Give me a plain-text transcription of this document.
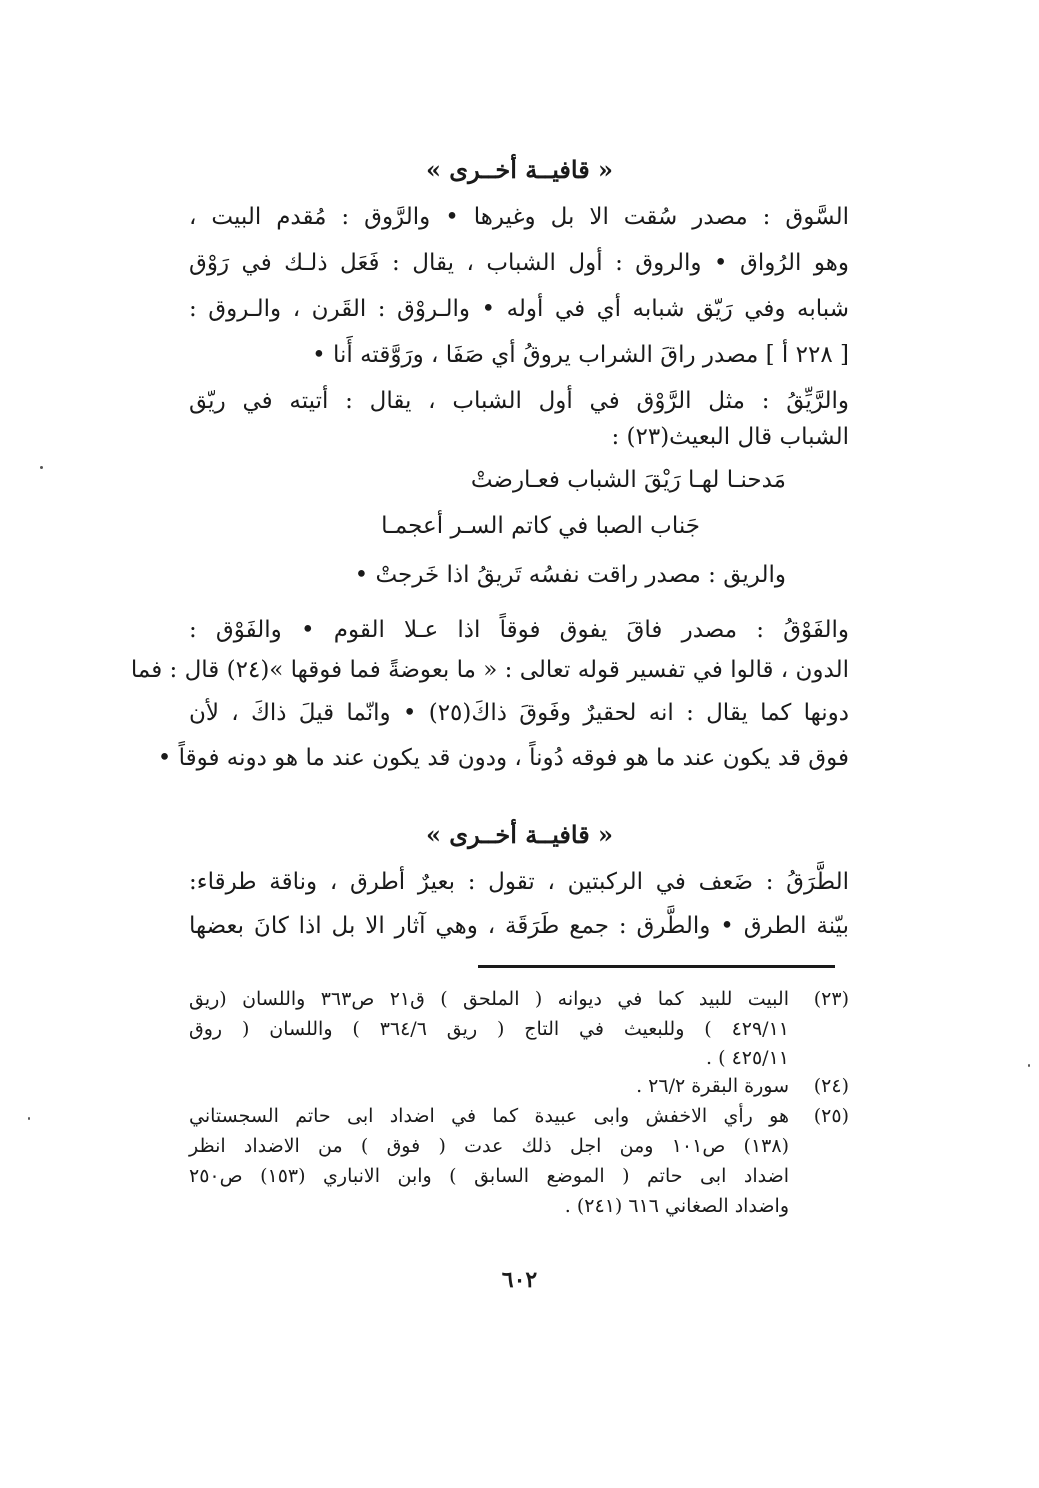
« قافيــة أخــرى »
السَّوق : مصدر سُقت الا بل وغيرها • والرَّوق : مُقدم البيت ،
وهو الرُواق • والروق : أول الشباب ، يقال : فَعَل ذلـك في رَوْق
شبابه وفي رَيّق شبابه أي في أوله • والـروْق : القَرن ، والـروق :
[ ٢٢٨ أ ] مصدر راقَ الشراب يروقُ أي صَفَا ، ورَوَّقته أَنا •
والرَّيِّقُ : مثل الرَّوْق في أول الشباب ، يقال : أتيته في ريّق
الشباب قال البعيث(٢٣) :
مَدحنـا لهـا رَيْقَ الشباب فعـارضتْ
جَناب الصبا في كاتم السـر أعجمـا
والريق : مصدر راقت نفسُه تَريقُ اذا خَرجتْ •
والفَوْقُ : مصدر فاقَ يفوق فوقاً اذا عـلا القوم • والفَوْق :
الدون ، قالوا في تفسير قوله تعالى : « ما بعوضةً فما فوقها »(٢٤) قال : فما
دونها كما يقال : انه لحقيرٌ وفَوقَ ذاكَ(٢٥) • وانّما قيلَ ذاكَ ، لأن
فوق قد يكون عند ما هو فوقه دُوناً ، ودون قد يكون عند ما هو دونه فوقاً •
« قافيــة أخــرى »
الطَّرَقُ : ضَعف في الركبتين ، تقول : بعيرٌ أطرق ، وناقة طرقاء:
بيّنة الطرق • والطَّرق : جمع طَرَقَة ، وهي آثار الا بل اذا كانَ بعضها
(٢٣)
البيت للبيد كما في ديوانه ( الملحق ) ق٢١ ص٣٦٣ واللسان (ريق
٤٢٩/١١ ) وللبعيث في التاج ( ريق ٣٦٤/٦ ) واللسان ( روق
٤٢٥/١١ ) .
(٢٤)
سورة البقرة ٢٦/٢ .
(٢٥)
هو رأي الاخفش وابى عبيدة كما في اضداد ابى حاتم السجستاني
(١٣٨) ص١٠١ ومن اجل ذلك عدت ( فوق ) من الاضداد انظر
اضداد ابى حاتم ( الموضع السابق ) وابن الانباري (١٥٣) ص٢٥٠
واضداد الصغاني ٦١٦ (٢٤١) .
٦٠٢
